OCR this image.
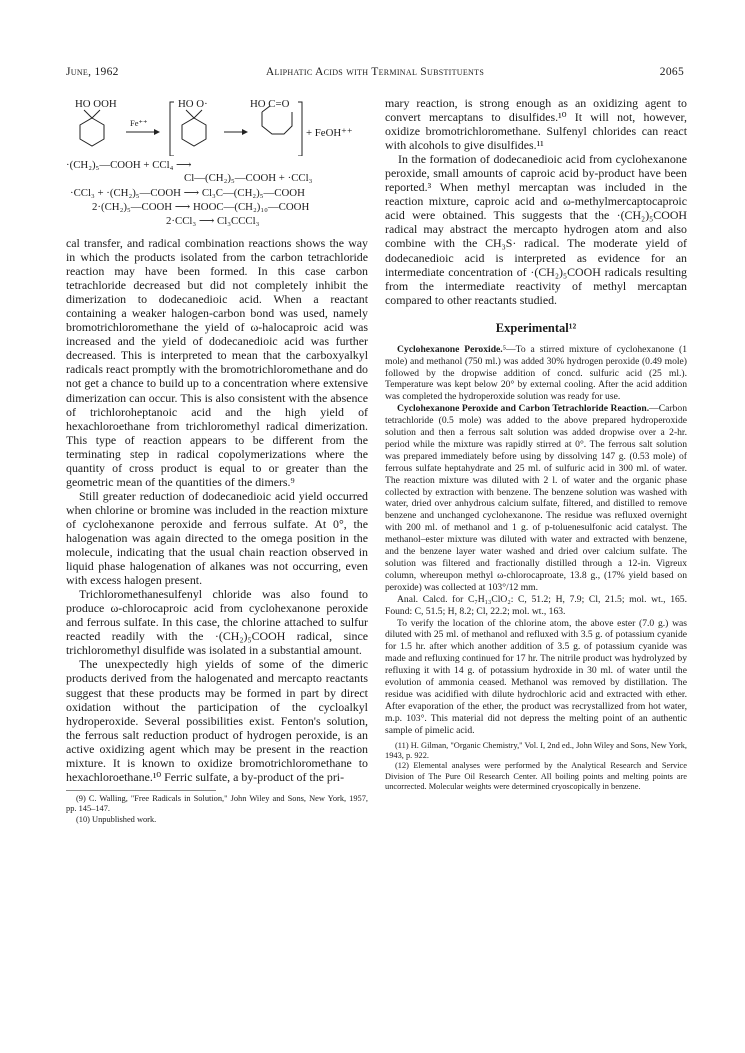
June, 1962	Aliphatic Acids with Terminal Substituents	2065
HO OOH	HO O·	HO C=O
Fe⁺⁺
+ FeOH⁺⁺
·(CH₂)₅—COOH + CCl₄ ⟶
Cl—(CH₂)₅—COOH + ·CCl₃
·CCl₃ + ·(CH₂)₅—COOH ⟶ Cl₃C—(CH₂)₅—COOH
2·(CH₂)₅—COOH ⟶ HOOC—(CH₂)₁₀—COOH
2·CCl₃ ⟶ Cl₃CCCl₃

cal transfer, and radical combination reactions shows the way in which the products isolated from the carbon tetrachloride reaction may have been formed. In this case carbon tetrachloride decreased but did not completely inhibit the dimerization to dodecanedioic acid. When a reactant containing a weaker halogen-carbon bond was used, namely bromotrichloromethane the yield of ω-halocaproic acid was increased and the yield of dodecanedioic acid was further decreased. This is interpreted to mean that the carboxyalkyl radicals react promptly with the bromotrichloromethane and do not get a chance to build up to a concentration where extensive dimerization can occur. This is also consistent with the absence of trichloroheptanoic acid and the high yield of hexachloroethane from trichloromethyl radical dimerization. This type of reaction appears to be different from the terminating step in radical copolymerizations where the quantity of cross product is equal to or greater than the geometric mean of the quantities of the dimers.⁹

Still greater reduction of dodecanedioic acid yield occurred when chlorine or bromine was included in the reaction mixture of cyclohexanone peroxide and ferrous sulfate. At 0°, the halogenation was again directed to the omega position in the molecule, indicating that the usual chain reaction observed in liquid phase halogenation of alkanes was not occurring, even with excess halogen present.

Trichloromethanesulfenyl chloride was also found to produce ω-chlorocaproic acid from cyclohexanone peroxide and ferrous sulfate. In this case, the chlorine attached to sulfur reacted readily with the ·(CH₂)₅COOH radical, since trichloromethyl disulfide was isolated in a substantial amount.

The unexpectedly high yields of some of the dimeric products derived from the halogenated and mercapto reactants suggest that these products may be formed in part by direct oxidation without the participation of the cycloalkyl hydroperoxide. Several possibilities exist. Fenton's solution, the ferrous salt reduction product of hydrogen peroxide, is an active oxidizing agent which may be present in the reaction mixture. It is known to oxidize bromotrichloromethane to hexachloroethane.¹⁰ Ferric sulfate, a by-product of the pri-

(9) C. Walling, "Free Radicals in Solution," John Wiley and Sons, New York, 1957, pp. 145–147.

(10) Unpublished work.

mary reaction, is strong enough as an oxidizing agent to convert mercaptans to disulfides.¹⁰ It will not, however, oxidize bromotrichloromethane. Sulfenyl chlorides can react with alcohols to give disulfides.¹¹

In the formation of dodecanedioic acid from cyclohexanone peroxide, small amounts of caproic acid by-product have been reported.³ When methyl mercaptan was included in the reaction mixture, caproic acid and ω-methylmercaptocaproic acid were obtained. This suggests that the ·(CH₂)₅COOH radical may abstract the mercapto hydrogen atom and also combine with the CH₃S· radical. The moderate yield of dodecanedioic acid is interpreted as evidence for an intermediate concentration of ·(CH₂)₅COOH radicals resulting from the intermediate reactivity of methyl mercaptan compared to other reactants studied.

Experimental¹²

Cyclohexanone Peroxide.⁵—To a stirred mixture of cyclohexanone (1 mole) and methanol (750 ml.) was added 30% hydrogen peroxide (0.49 mole) followed by the dropwise addition of concd. sulfuric acid (25 ml.). Temperature was kept below 20° by external cooling. After the acid addition was completed the hydroperoxide solution was ready for use.

Cyclohexanone Peroxide and Carbon Tetrachloride Reaction.—Carbon tetrachloride (0.5 mole) was added to the above prepared hydroperoxide solution and then a ferrous salt solution was added dropwise over a 2-hr. period while the mixture was rapidly stirred at 0°. The ferrous salt solution was prepared immediately before using by dissolving 147 g. (0.53 mole) of ferrous sulfate heptahydrate and 25 ml. of sulfuric acid in 300 ml. of water. The reaction mixture was diluted with 2 l. of water and the organic phase collected by extraction with benzene. The benzene solution was washed with water, dried over anhydrous calcium sulfate, filtered, and distilled to remove benzene and unchanged cyclohexanone. The residue was refluxed overnight with 200 ml. of methanol and 1 g. of p-toluenesulfonic acid catalyst. The methanol–ester mixture was diluted with water and extracted with benzene, and the benzene layer water washed and dried over calcium sulfate. The solution was filtered and fractionally distilled through a 12-in. Vigreux column, whereupon methyl ω-chlorocaproate, 13.8 g., (17% yield based on peroxide) was collected at 103°/12 mm.

Anal. Calcd. for C₇H₁₃ClO₂: C, 51.2; H, 7.9; Cl, 21.5; mol. wt., 165. Found: C, 51.5; H, 8.2; Cl, 22.2; mol. wt., 163.

To verify the location of the chlorine atom, the above ester (7.0 g.) was diluted with 25 ml. of methanol and refluxed with 3.5 g. of potassium cyanide for 1.5 hr. after which another addition of 3.5 g. of potassium cyanide was made and refluxing continued for 17 hr. The nitrile product was hydrolyzed by refluxing it with 14 g. of potassium hydroxide in 30 ml. of water until the evolution of ammonia ceased. Methanol was removed by distillation. The residue was acidified with dilute hydrochloric acid and extracted with ether. After evaporation of the ether, the product was recrystallized from hot water, m.p. 103°. This material did not depress the melting point of an authentic sample of pimelic acid.

(11) H. Gilman, "Organic Chemistry," Vol. I, 2nd ed., John Wiley and Sons, New York, 1943, p. 922.

(12) Elemental analyses were performed by the Analytical Research and Service Division of The Pure Oil Research Center. All boiling points and melting points are uncorrected. Molecular weights were determined cryoscopically in benzene.
